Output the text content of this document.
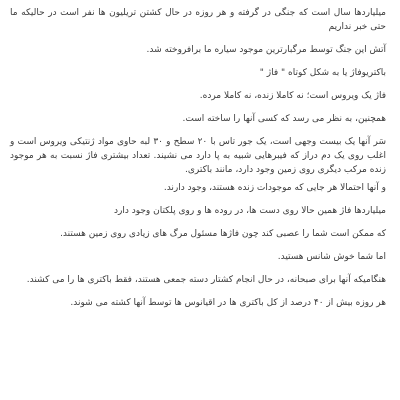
میلیاردها سال است که جنگی در گرفته و هر روزه در حال کشتن تریلیون ها نفر است در حالیکه ما حتی خبر نداریم

آتش این جنگ توسط مرگبارترین موجود سیاره ما برافروخته شد.

باکتریوفاژ یا به شکل کوتاه " فاژ "

فاژ یک ویروس است؛ نه کاملا زنده، نه کاملا مرده.

همچنین، به نظر می رسد که کسی آنها را ساخته است.

سَر آنها یک بیست وجهی است، یک جور تاس با ۲۰ سطح و ۳۰ لبه حاوی مواد ژنتیکی ویروس است و اغلب روی یک دم دراز که فیبرهایی شبیه به پا دارد می نشیند. تعداد بیشتری فاژ نسبت به هر موجود زنده مرکب دیگری روی زمین وجود دارد، مانند باکتری.

و آنها احتمالا هر جایی که موجودات زنده هستند، وجود دارند.

میلیاردها فاژ همین حالا روی دست ها، در روده ها و روی پلکتان وجود دارد

که ممکن است شما را عصبی کند چون فاژها مسئول مرگ های زیادی روی زمین هستند.

اما شما خوش شانس هستید.

هنگامیکه آنها برای صبحانه، در حال انجام کشتار دسته جمعی هستند، فقط باکتری ها را می کشند.

هر روزه بیش از ۴۰ درصد از کل باکتری ها در اقیانوس ها توسط آنها کشته می شوند.
